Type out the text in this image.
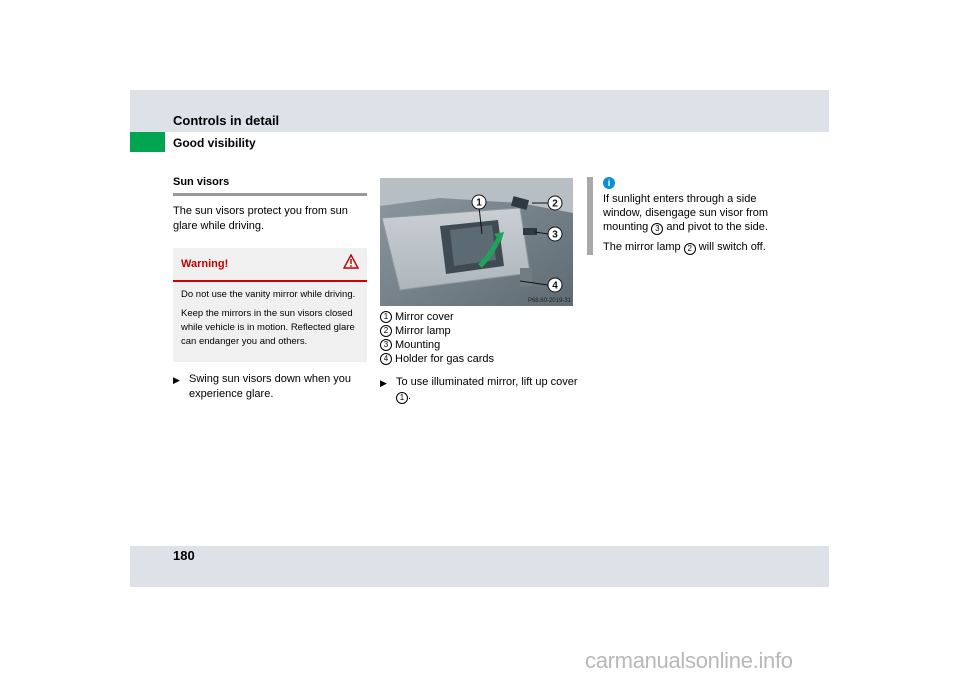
Controls in detail
Good visibility
Sun visors
The sun visors protect you from sun glare while driving.
Warning!

Do not use the vanity mirror while driving.

Keep the mirrors in the sun visors closed while vehicle is in motion. Reflected glare can endanger you and others.

▶ Swing sun visors down when you experience glare.
1	2
3
4
P68.60-2019-31
1 Mirror cover
2 Mirror lamp
3 Mounting
4 Holder for gas cards
▶ To use illuminated mirror, lift up cover 1 .
i

If sunlight enters through a side window, disengage sun visor from mounting 3 and pivot to the side.

The mirror lamp 2 will switch off.

180
carmanualsonline.info
